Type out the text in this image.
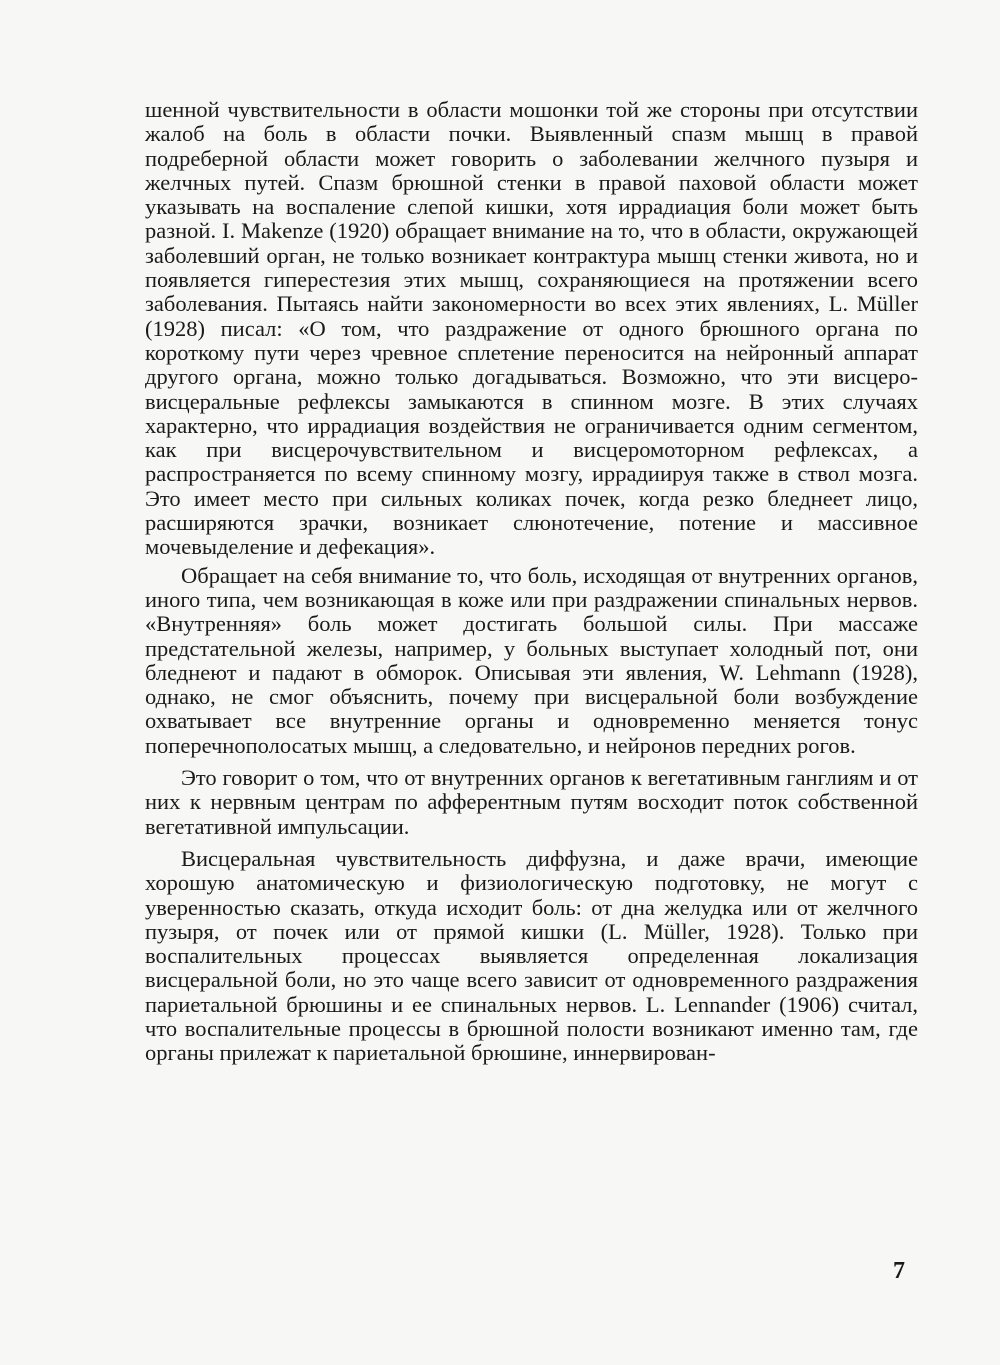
шенной чувствительности в области мошонки той же стороны при отсутствии жалоб на боль в области почки. Выявленный спазм мышц в правой подреберной области может говорить о заболевании желчного пузыря и желчных путей. Спазм брюшной стенки в правой паховой области может указывать на воспаление слепой кишки, хотя иррадиация боли может быть разной. I. Makenze (1920) обращает внимание на то, что в области, окружающей заболевший орган, не только возникает контрактура мышц стенки живота, но и появляется гиперестезия этих мышц, сохраняющиеся на протяжении всего заболевания. Пытаясь найти закономерности во всех этих явлениях, L. Müller (1928) писал: «О том, что раздражение от одного брюшного органа по короткому пути через чревное сплетение переносится на нейронный аппарат другого органа, можно только догадываться. Возможно, что эти висцеро-висцеральные рефлексы замыкаются в спинном мозге. В этих случаях характерно, что иррадиация воздействия не ограничивается одним сегментом, как при висцерочувствительном и висцеромоторном рефлексах, а распространяется по всему спинному мозгу, иррадиируя также в ствол мозга. Это имеет место при сильных коликах почек, когда резко бледнеет лицо, расширяются зрачки, возникает слюнотечение, потение и массивное мочевыделение и дефекация».

Обращает на себя внимание то, что боль, исходящая от внутренних органов, иного типа, чем возникающая в коже или при раздражении спинальных нервов. «Внутренняя» боль может достигать большой силы. При массаже предстательной железы, например, у больных выступает холодный пот, они бледнеют и падают в обморок. Описывая эти явления, W. Lehmann (1928), однако, не смог объяснить, почему при висцеральной боли возбуждение охватывает все внутренние органы и одновременно меняется тонус поперечнополосатых мышц, а следовательно, и нейронов передних рогов.

Это говорит о том, что от внутренних органов к вегетативным ганглиям и от них к нервным центрам по афферентным путям восходит поток собственной вегетативной импульсации.

Висцеральная чувствительность диффузна, и даже врачи, имеющие хорошую анатомическую и физиологическую подготовку, не могут с уверенностью сказать, откуда исходит боль: от дна желудка или от желчного пузыря, от почек или от прямой кишки (L. Müller, 1928). Только при воспалительных процессах выявляется определенная локализация висцеральной боли, но это чаще всего зависит от одновременного раздражения париетальной брюшины и ее спинальных нервов. L. Lennander (1906) считал, что воспалительные процессы в брюшной полости возникают именно там, где органы прилежат к париетальной брюшине, иннервирован-

7
